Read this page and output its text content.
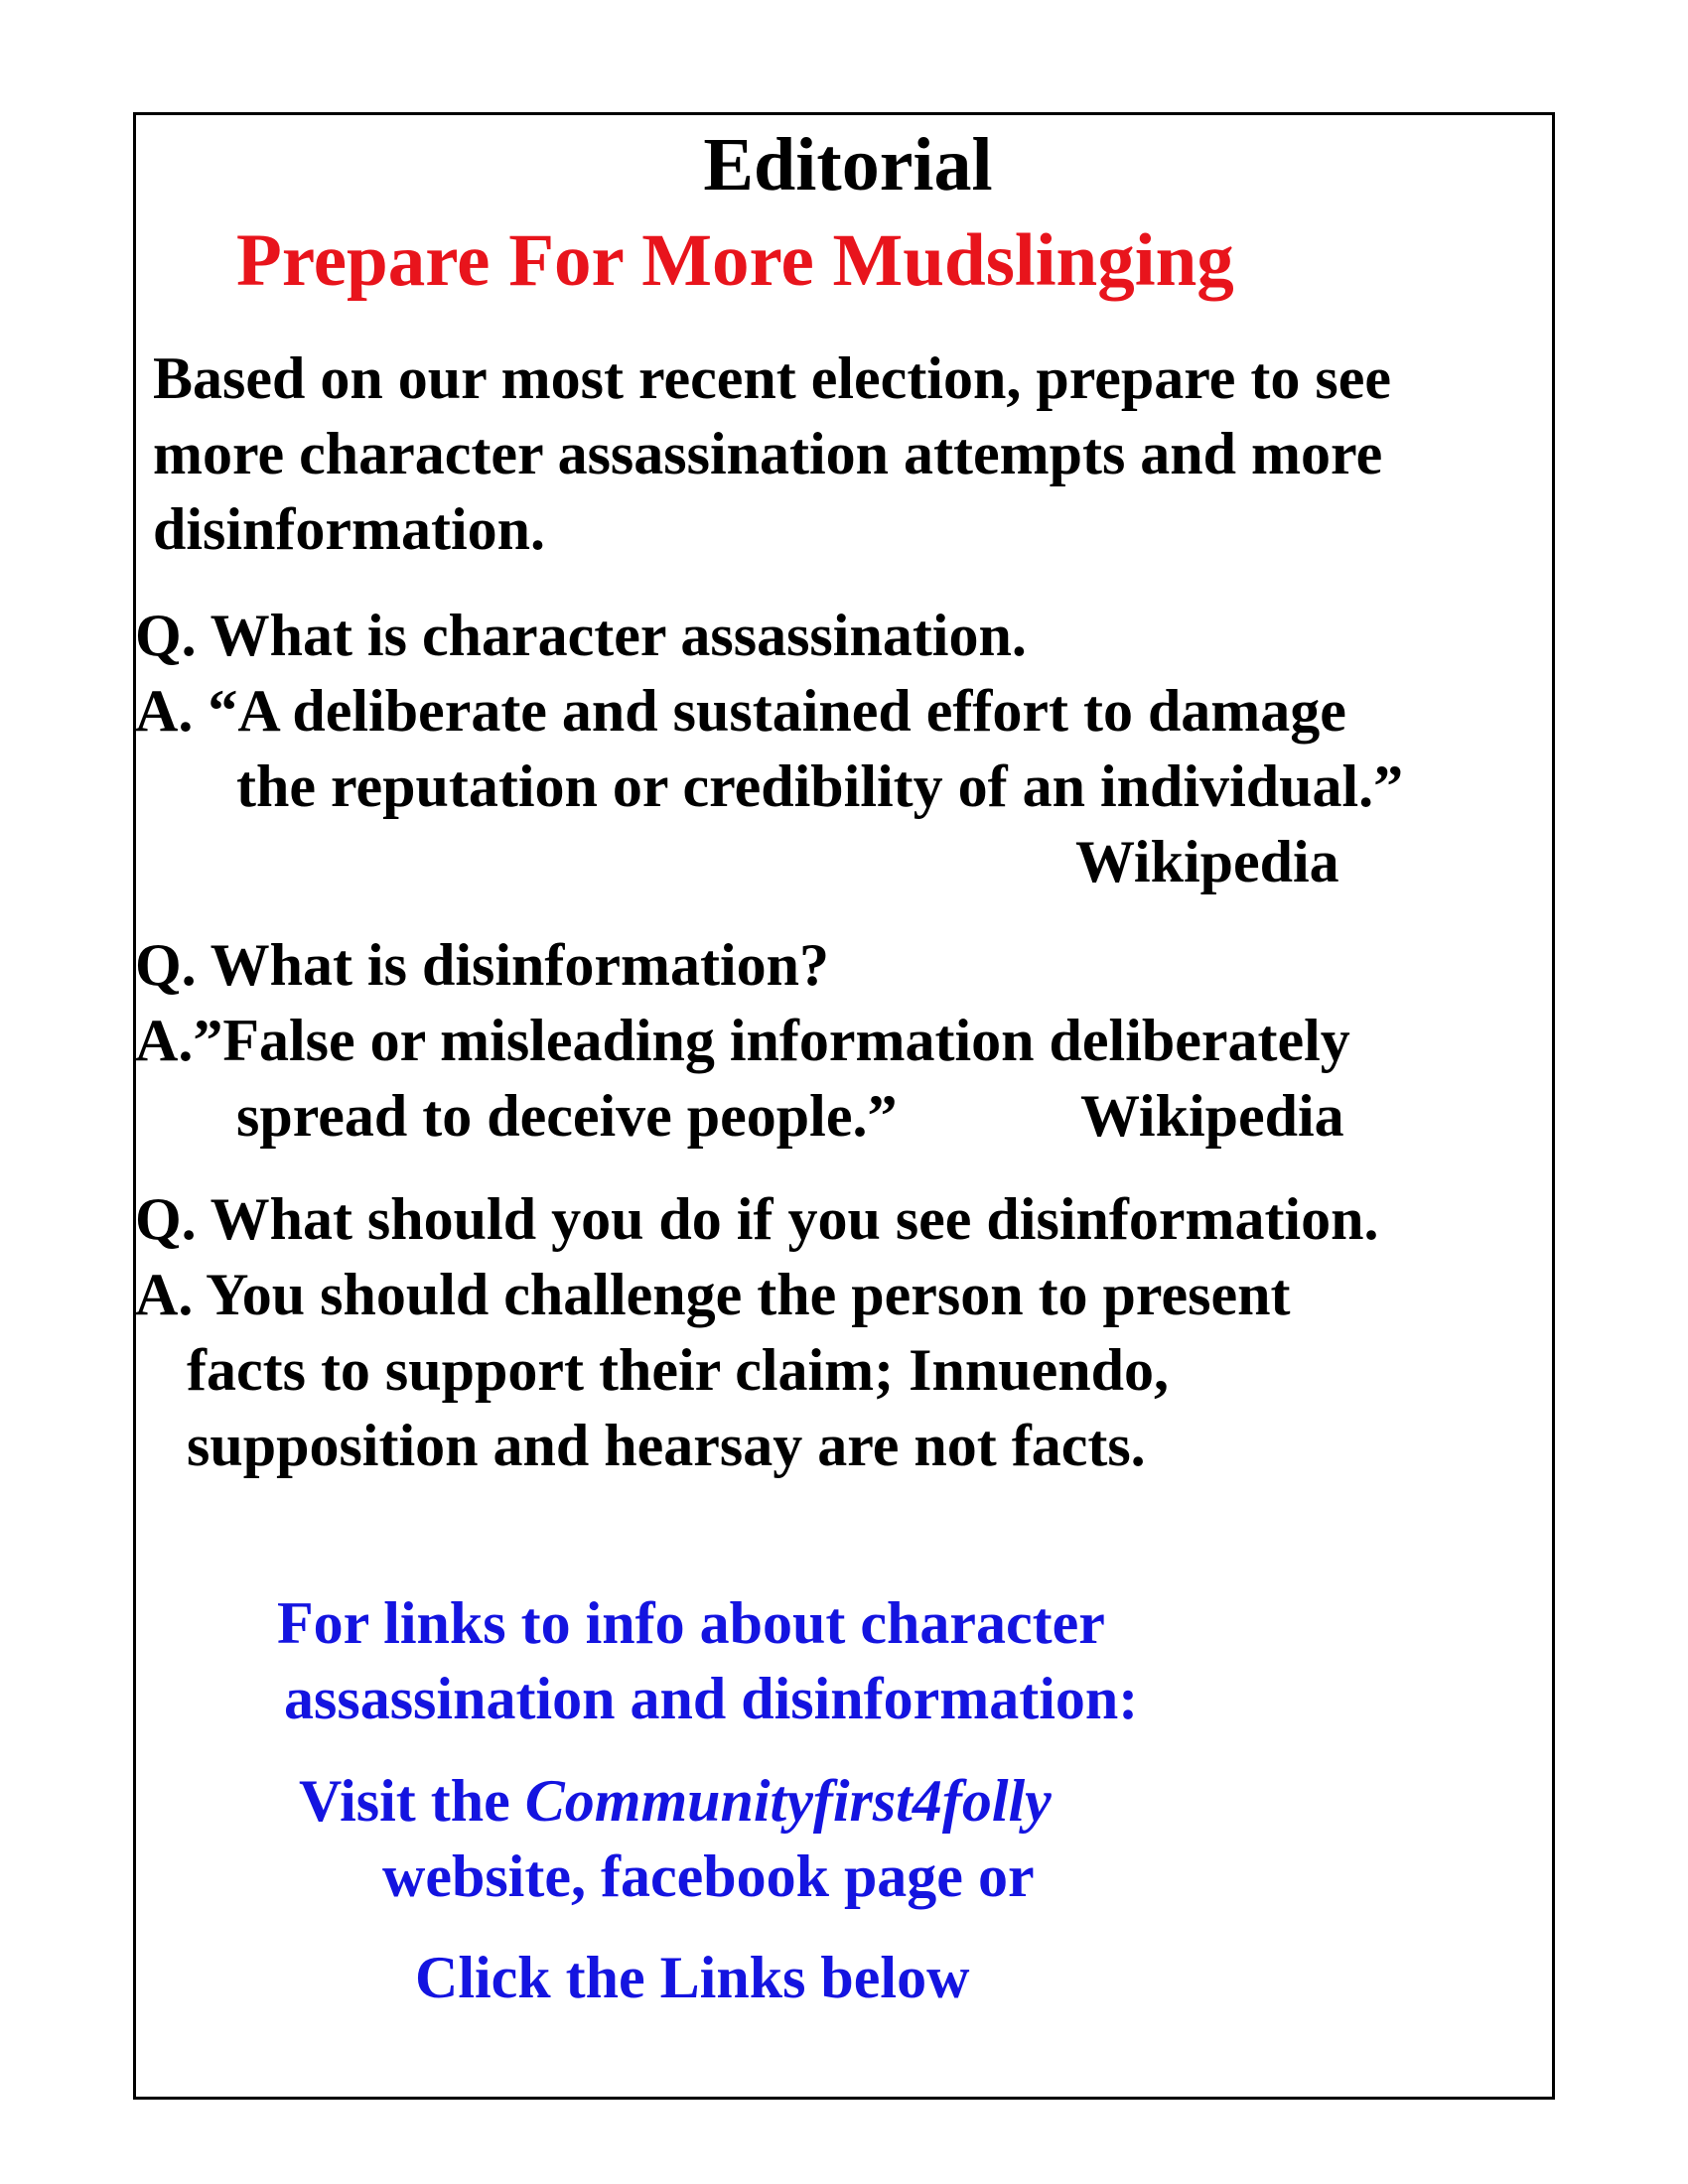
Editorial
Prepare For More Mudslinging
Based on our most recent election, prepare to see
more character assassination attempts and more
disinformation.
Q. What is character assassination.
A. “A deliberate and sustained effort to damage
the reputation or credibility of an individual.”
Wikipedia
Q. What is disinformation?
A.”False or misleading information deliberately
spread to deceive people.”	Wikipedia
Q. What should you do if you see disinformation.
A. You should challenge the person to present
facts to support their claim; Innuendo,
supposition and hearsay are not facts.
For links to info about character
assassination and disinformation:
Visit the Communityfirst4folly
website, facebook page or
Click the Links below
